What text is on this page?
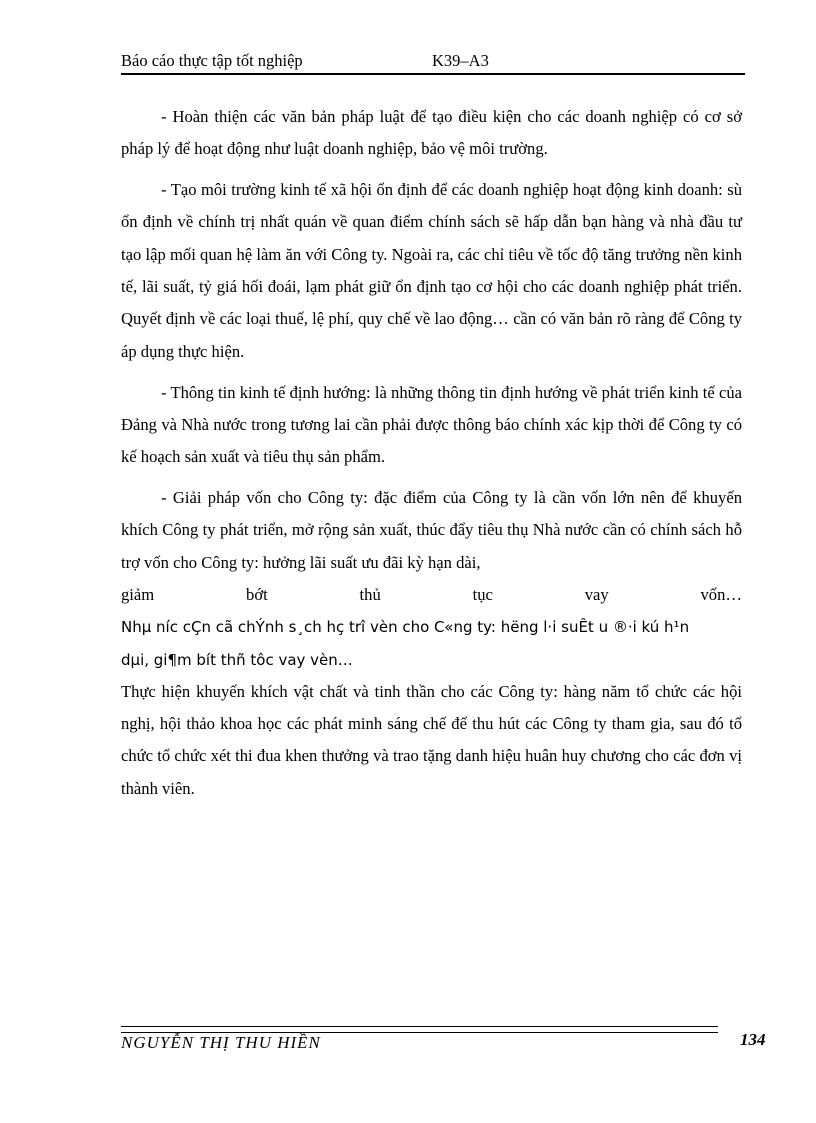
Báo cáo thực tập tốt nghiệp	K39–A3

- Hoàn thiện các văn bản pháp luật để tạo điều kiện cho các doanh nghiệp có cơ sở pháp lý để hoạt động như luật doanh nghiệp, bảo vệ môi trường.

- Tạo môi trường kinh tế xã hội ổn định để các doanh nghiệp hoạt động kinh doanh: sù ổn định về chính trị nhất quán về quan điểm chính sách sẽ hấp dẫn bạn hàng và nhà đầu tư tạo lập mối quan hệ làm ăn với Công ty. Ngoài ra, các chỉ tiêu về tốc độ tăng trưởng nền kinh tế, lãi suất, tỷ giá hối đoái, lạm phát giữ ổn định tạo cơ hội cho các doanh nghiệp phát triển. Quyết định về các loại thuế, lệ phí, quy chế về lao động… cần có văn bản rõ ràng để Công ty áp dụng thực hiện.

- Thông tin kinh tế định hướng: là những thông tin định hướng về phát triển kinh tế của Đảng và Nhà nước trong tương lai cần phải được thông báo chính xác kịp thời để Công ty có kế hoạch sản xuất và tiêu thụ sản phẩm.

- Giải pháp vốn cho Công ty: đặc điểm của Công ty là cần vốn lớn nên để khuyến khích Công ty phát triển, mở rộng sản xuất, thúc đẩy tiêu thụ Nhà nước cần có chính sách hỗ trợ vốn cho Công ty: hưởng lãi suất ưu đãi kỳ hạn dài,

giảm	bớt	thủ	tục	vay	vốn…
Nhµ níc cÇn cã chÝnh s¸ch hç trî vèn cho C«ng ty: hëng l·i suÊt u ®·i kú h¹n
dµi, gi¶m bít thñ tôc vay vèn…

Thực hiện khuyến khích vật chất và tinh thần cho các Công ty: hàng năm tổ chức các hội nghị, hội thảo khoa học các phát minh sáng chế để thu hút các Công ty tham gia, sau đó tổ chức tổ chức xét thi đua khen thưởng và trao tặng danh hiệu huân huy chương cho các đơn vị thành viên.

NGUYỄN THỊ THU HIỀN	134
